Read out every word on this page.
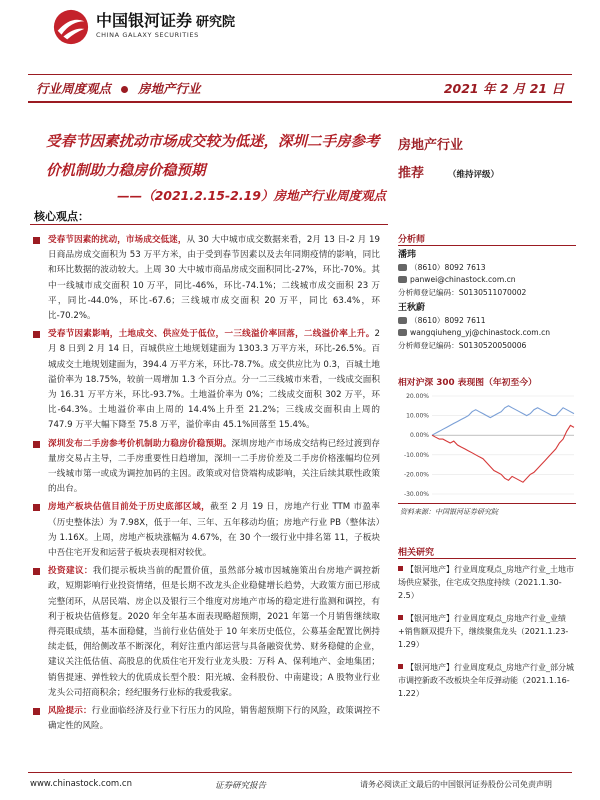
中国银河证券 研究院
CHINA GALAXY SECURITIES
行业周度观点 房地产行业	2021 年 2 月 21 日
受春节因素扰动市场成交较为低迷，深圳二手房参考价机制助力稳房价稳预期
——（2021.2.15-2.19）房地产行业周度观点
核心观点：
受春节因素的扰动，市场成交低迷，从 30 大中城市成交数据来看，2月 13 日-2 月 19 日商品房成交面积为 53 万平方米，由于受到春节因素以及去年同期疫情的影响，同比和环比数据的波动较大。上周 30 大中城市商品房成交面积同比-27%，环比-70%。其中一线城市成交面积 10 万平，同比-46%，环比-74.1%；二线城市成交面积 23 万平，同比-44.0%，环比-67.6；三线城市成交面积 20 万平，同比 63.4%，环比-70.2%。
受春节因素影响，土地成交、供应处于低位，一三线溢价率回落，二线溢价率上升。2 月 8 日到 2 月 14 日，百城供应土地规划建面为 1303.3 万平方米，环比-26.5%。百城成交土地规划建面为，394.4 万平方米，环比-78.7%。成交供应比为 0.3，百城土地溢价率为 18.75%，较前一周增加 1.3 个百分点。分一二三线城市来看，一线成交面积为 16.31 万平方米，环比-93.7%。土地溢价率为 0%；二线成交面积 302 万平，环比-64.3%。土地溢价率由上周的 14.4%上升至 21.2%；三线成交面积由上周的 747.9 万平大幅下降至 75.8 万平，溢价率由 45.1%回落至 15.4%。
深圳发布二手房参考价机制助力稳房价稳预期。深圳房地产市场成交结构已经过渡到存量房交易占主导，二手房重要性日趋增加，深圳一二手房价差及二手房价格涨幅均位列一线城市第一或成为调控加码的主因。政策或对信贷端构成影响，关注后续其联性政策的出台。
房地产板块估值目前处于历史底部区域，截至 2 月 19 日，房地产行业 TTM 市盈率（历史整体法）为 7.98X，低于一年、三年、五年移动均值；房地产行业 PB（整体法）为 1.16X。上周，房地产板块涨幅为 4.67%，在 30 个一级行业中排名第 11，子板块中吾住宅开发和运营子板块表现相对较优。
投资建议：我们提示板块当前的配置价值，虽然部分城市因城施策出台房地产调控新政，短期影响行业投资情绪，但是长期不改龙头企业稳健增长趋势，大政策方面已形成完整闭环，从居民端、房企以及银行三个维度对房地产市场的稳定进行监测和调控，有利于板块估值修复。2020 年全年基本面表现略超预期，2021 年第一个月销售继续取得亮眼成绩，基本面稳健，当前行业估值处于 10 年来历史低位，公募基金配置比例持续走低，佣给侧改革不断深化，利好注重内部运营与具备融资优势、财务稳健的企业，建议关注低估值、高股息的优质住宅开发行业龙头股：万科 A、保利地产、金地集团；销售提速、弹性较大的优质成长型个股：阳光城、金科股份、中南建设；A 股物业行业龙头公司招商积余；经纪服务行业标的我爱我家。
风险提示：行业面临经济及行业下行压力的风险，销售超预期下行的风险，政策调控不确定性的风险。
房地产行业
推荐	（维持评级）
分析师
潘玮
（8610）8092 7613
panwei@chinastock.com.cn
分析师登记编码：S0130511070002
王秋蔚
（8610）8092 7611
wangqiuheng_yj@chinastock.com.cn
分析师登记编码：S0130520050006
相对沪深 300 表现图（年初至今）
20.00%
10.00%
0.00%
-10.00%
-20.00%
-30.00%
资料来源：中国银河证券研究院
相关研究
【银河地产】行业周度观点_房地产行业_土地市场供应紧张，住宅成交热度持续（2021.1.30-2.5）
【银河地产】行业周度观点_房地产行业_业绩+销售额双提升下，继续聚焦龙头（2021.1.23-1.29）
【银河地产】行业周度观点_房地产行业_部分城市调控新政不改板块全年反弹动能（2021.1.16-1.22）
www.chinastock.com.cn	证券研究报告	请务必阅读正文最后的中国银河证券股份公司免责声明
